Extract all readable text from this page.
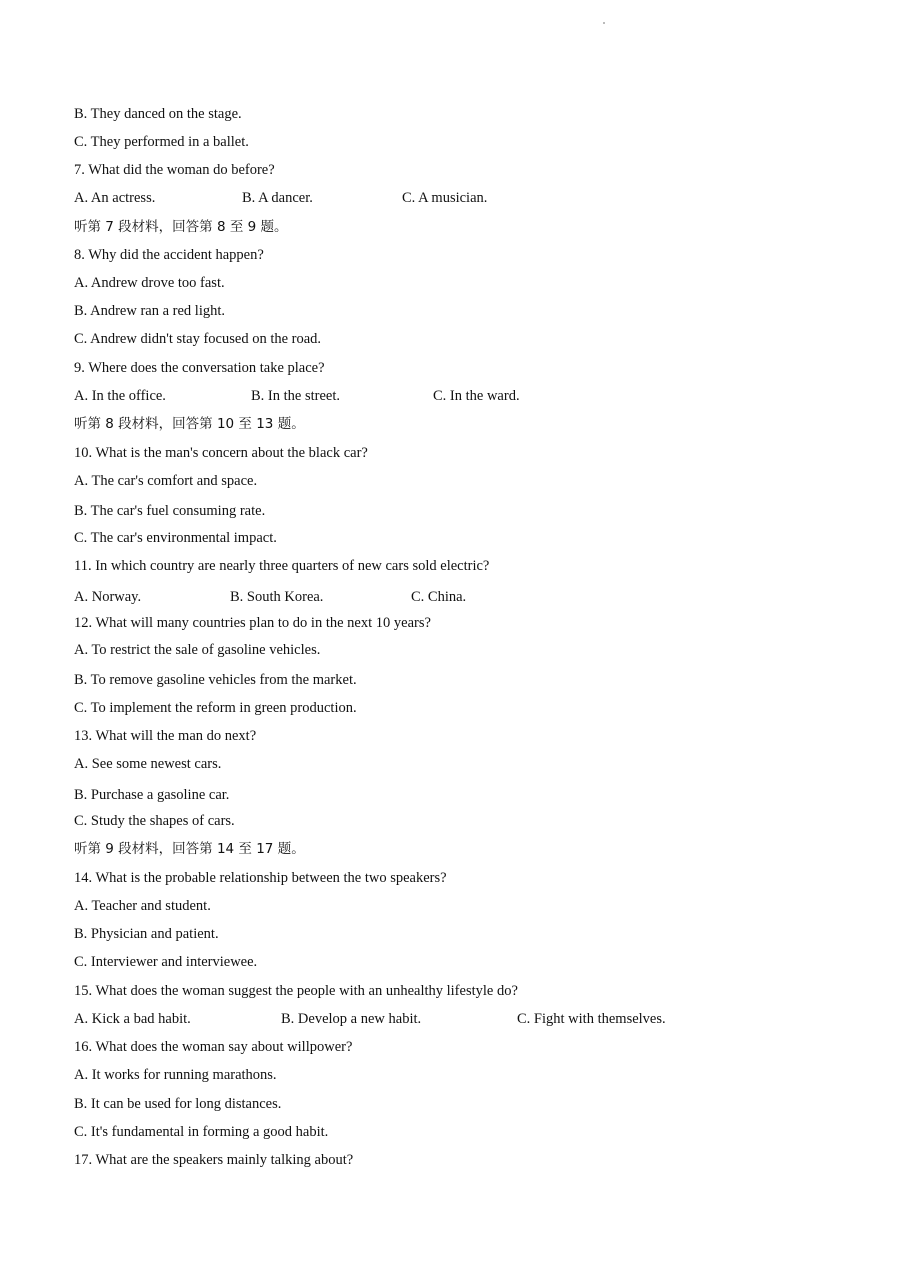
B. They danced on the stage.
C. They performed in a ballet.
7. What did the woman do before?
A. An actress.	B. A dancer.	C. A musician.
听第 7 段材料，回答第 8 至 9 题。
8. Why did the accident happen?
A. Andrew drove too fast.
B. Andrew ran a red light.
C. Andrew didn't stay focused on the road.
9. Where does the conversation take place?
A. In the office.	B. In the street.	C. In the ward.
听第 8 段材料，回答第 10 至 13 题。
10. What is the man's concern about the black car?
A. The car's comfort and space.
B. The car's fuel consuming rate.
C. The car's environmental impact.
11. In which country are nearly three quarters of new cars sold electric?
A. Norway.	B. South Korea.	C. China.
12. What will many countries plan to do in the next 10 years?
A. To restrict the sale of gasoline vehicles.
B. To remove gasoline vehicles from the market.
C. To implement the reform in green production.
13. What will the man do next?
A. See some newest cars.
B. Purchase a gasoline car.
C. Study the shapes of cars.
听第 9 段材料，回答第 14 至 17 题。
14. What is the probable relationship between the two speakers?
A. Teacher and student.
B. Physician and patient.
C. Interviewer and interviewee.
15. What does the woman suggest the people with an unhealthy lifestyle do?
A. Kick a bad habit.	B. Develop a new habit.	C. Fight with themselves.
16. What does the woman say about willpower?
A. It works for running marathons.
B. It can be used for long distances.
C. It's fundamental in forming a good habit.
17. What are the speakers mainly talking about?
